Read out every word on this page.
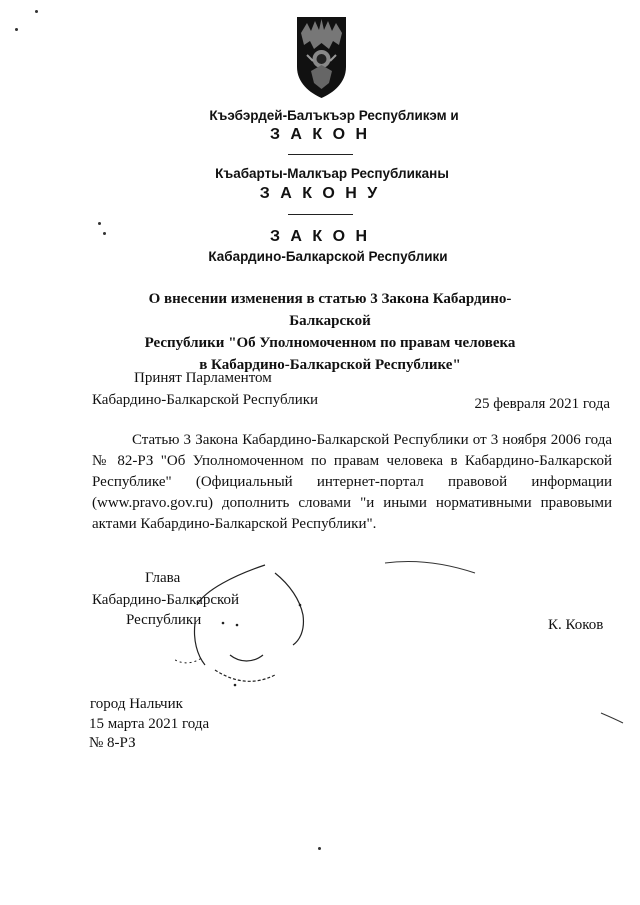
Къэбэрдей-Балъкъэр Республикэм и
З А К О Н
Къабарты-Малкъар Республиканы
З А К О Н У
З А К О Н
Кабардино-Балкарской Республики
О внесении изменения в статью 3 Закона Кабардино-Балкарской
Республики "Об Уполномоченном по правам человека
в Кабардино-Балкарской Республике"
Принят Парламентом
Кабардино-Балкарской Республики	25 февраля 2021 года

Статью 3 Закона Кабардино-Балкарской Республики от 3 ноября 2006 года № 82-РЗ "Об Уполномоченном по правам человека в Кабардино-Балкарской Республике" (Официальный интернет-портал правовой информации (www.pravo.gov.ru) дополнить словами "и иными нормативными правовыми актами Кабардино-Балкарской Республики".

Глава
Кабардино-Балкарской
Республики	К. Коков
город Нальчик
15 марта 2021 года
№ 8-РЗ
